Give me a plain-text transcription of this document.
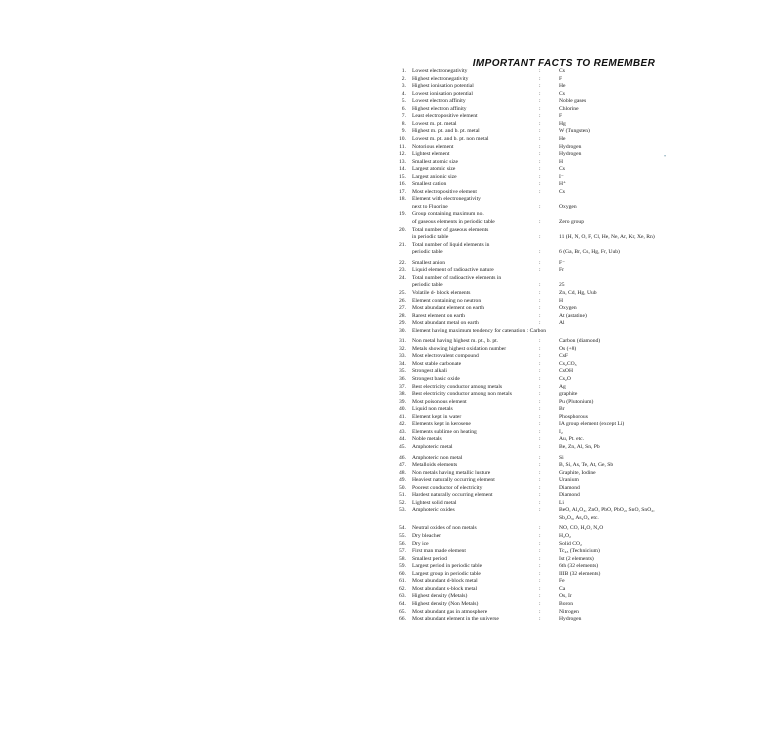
IMPORTANT FACTS TO REMEMBER
1. Lowest electronegativity	:	Cs
2. Highest electronegativity	:	F
3. Highest ionisation potential	:	He
4. Lowest ionisation potential	:	Cs
5. Lowest electron affinity	:	Noble gases
6. Highest electron affinity	:	Chlorine
7. Least electropositive element	:	F
8. Lowest m. pt. metal	:	Hg
9. Highest m. pt. and b. pt. metal	:	W (Tungsten)
10. Lowest m. pt. and b. pt. non metal	:	He
11. Notorious element	:	Hydrogen
12. Lightest element	:	Hydrogen
13. Smallest atomic size	:	H
14. Largest atomic size	:	Cs
15. Largest anionic size	:	I⁻
16. Smallest cation	:	H⁺
17. Most electropositive element	:	Cs
18. Element with electronegativity
next to Fluorine	:	Oxygen
19. Group containing maximum no.
of gaseous elements in periodic table	:	Zero group
20. Total number of gaseous elements
in periodic table	:	11 (H, N, O, F, Cl, He, Ne, Ar, Kr, Xe, Rn)
21. Total number of liquid elements in
periodic table	:	6 (Ga, Br, Cs, Hg, Fr, Uub)
22. Smallest anion	:	F⁻
23. Liquid element of radioactive nature	:	Fr
24. Total number of radioactive elements in
periodic table	:	25
25. Volatile d- block elements	:	Zn, Cd, Hg, Uub
26. Element containing no neutron	:	H
27. Most abundant element on earth	:	Oxygen
28. Rarest element on earth	:	At (astatine)
29. Most abundant metal on earth	:	Al
30. Element having maximum tendency for catenation : Carbon
31. Non metal having highest m. pt., b. pt.	:	Carbon (diamond)
32. Metals showing highest oxidation number	:	Os (+8)
33. Most electrovalent compound	:	CsF
34. Most stable carbonate	:	Cs₂CO₃
35. Strongest alkali	:	CsOH
36. Strongest basic oxide	:	Cs₂O
37. Best electricity conductor among metals	:	Ag
38. Best electricity conductor among non metals	:	graphite
39. Most poisonous element	:	Pu (Plutonium)
40. Liquid non metals	:	Br
41. Element kept in water	:	Phosphorous
42. Elements kept in kerosene	:	IA group element (except Li)
43. Elements sublime on heating	:	I₂
44. Noble metals	:	Au, Pt. etc.
45. Amphoteric metal	:	Be, Zn, Al, Sn, Pb
46. Amphoteric non metal	:	Si
47. Metalloids elements	:	B, Si, As, Te, At, Ge, Sb
48. Non metals having metallic lusture	:	Graphite, Iodine
49. Heaviest naturally occurring element	:	Uranium
50. Poorest conductor of electricity	:	Diamond
51. Hardest naturally occurring element	:	Diamond
52. Lightest solid metal	:	Li
53. Amphoteric oxides	:	BeO, Al₂O₃, ZnO, PbO, PbO₂, SnO, SnO₂,
Sb₂O₃, As₂O₃ etc.
54. Neutral oxides of non metals	:	NO, CO, H₂O, N₂O
55. Dry bleacher	:	H₂O₂
56. Dry ice	:	Solid CO₂
57. First man made element	:	Tc₄₃ (Technicium)
58. Smallest period	:	Ist (2 elements)
59. Largest period in periodic table	:	6th (32 elements)
60. Largest group in periodic table	:	IIIB (32 elements)
61. Most abundant d-block metal	:	Fe
62. Most abundant s-block metal	:	Ca
63. Highest density (Metals)	:	Os, Ir
64. Highest density (Non Metals)	:	Boron
65. Most abundant gas in atmosphere	:	Nitrogen
66. Most abundant element in the universe	:	Hydrogen
•
